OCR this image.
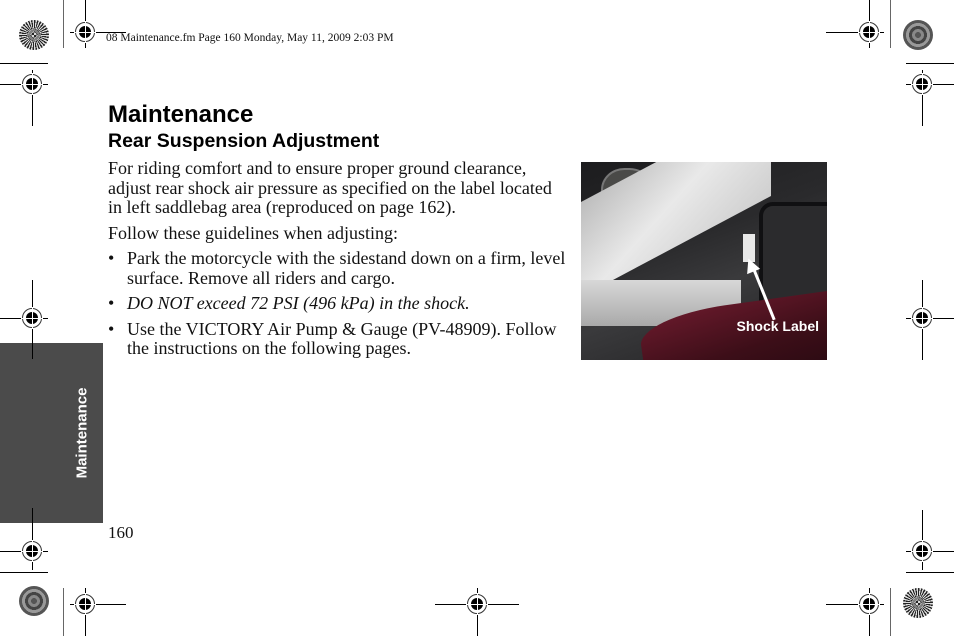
08 Maintenance.fm Page 160 Monday, May 11, 2009 2:03 PM
Maintenance
Rear Suspension Adjustment

For riding comfort and to ensure proper ground clearance, adjust rear shock air pressure as specified on the label located in left saddlebag area (reproduced on page 162).

Follow these guidelines when adjusting:

• Park the motorcycle with the sidestand down on a firm, level surface. Remove all riders and cargo.
• DO NOT exceed 72 PSI (496 kPa) in the shock.
• Use the VICTORY Air Pump & Gauge (PV-48909). Follow the instructions on the following pages.
Shock Label
Maintenance
160
